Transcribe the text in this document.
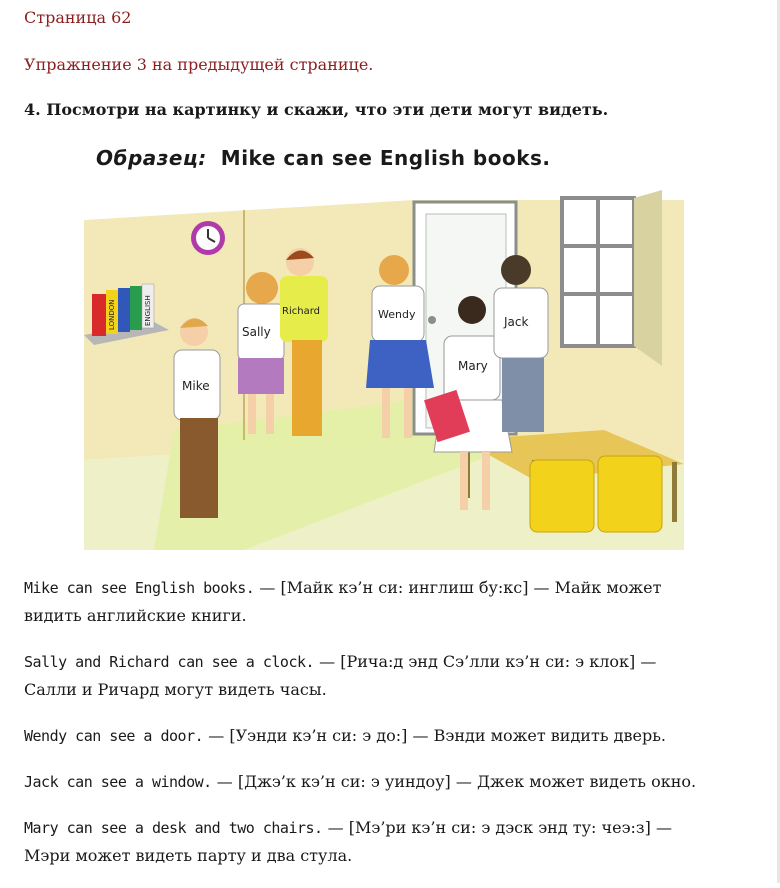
Страница 62
Упражнение 3 на предыдущей странице.
4. Посмотри на картинку и скажи, что эти дети могут видеть.
Образец: Mike can see English books.
LONDON	ENGLISH
Mike
Sally
Richard	Wendy
Mary
Jack

Mike can see English books. — [Майк кэ’н си: инглиш бу:кс] — Майк может видить английские книги.

Sally and Richard can see a clock. — [Рича:д энд Сэ’лли кэ’н си: э клок] — Салли и Ричард могут видеть часы.

Wendy can see a door. — [Уэнди кэ’н си: э до:] — Вэнди может видить дверь.

Jack can see a window. — [Джэ’к кэ’н си: э уиндоу] — Джек может видеть окно.

Mary can see a desk and two chairs. — [Мэ’ри кэ’н си: э дэск энд ту: чеэ:з] — Мэри может видеть парту и два стула.
